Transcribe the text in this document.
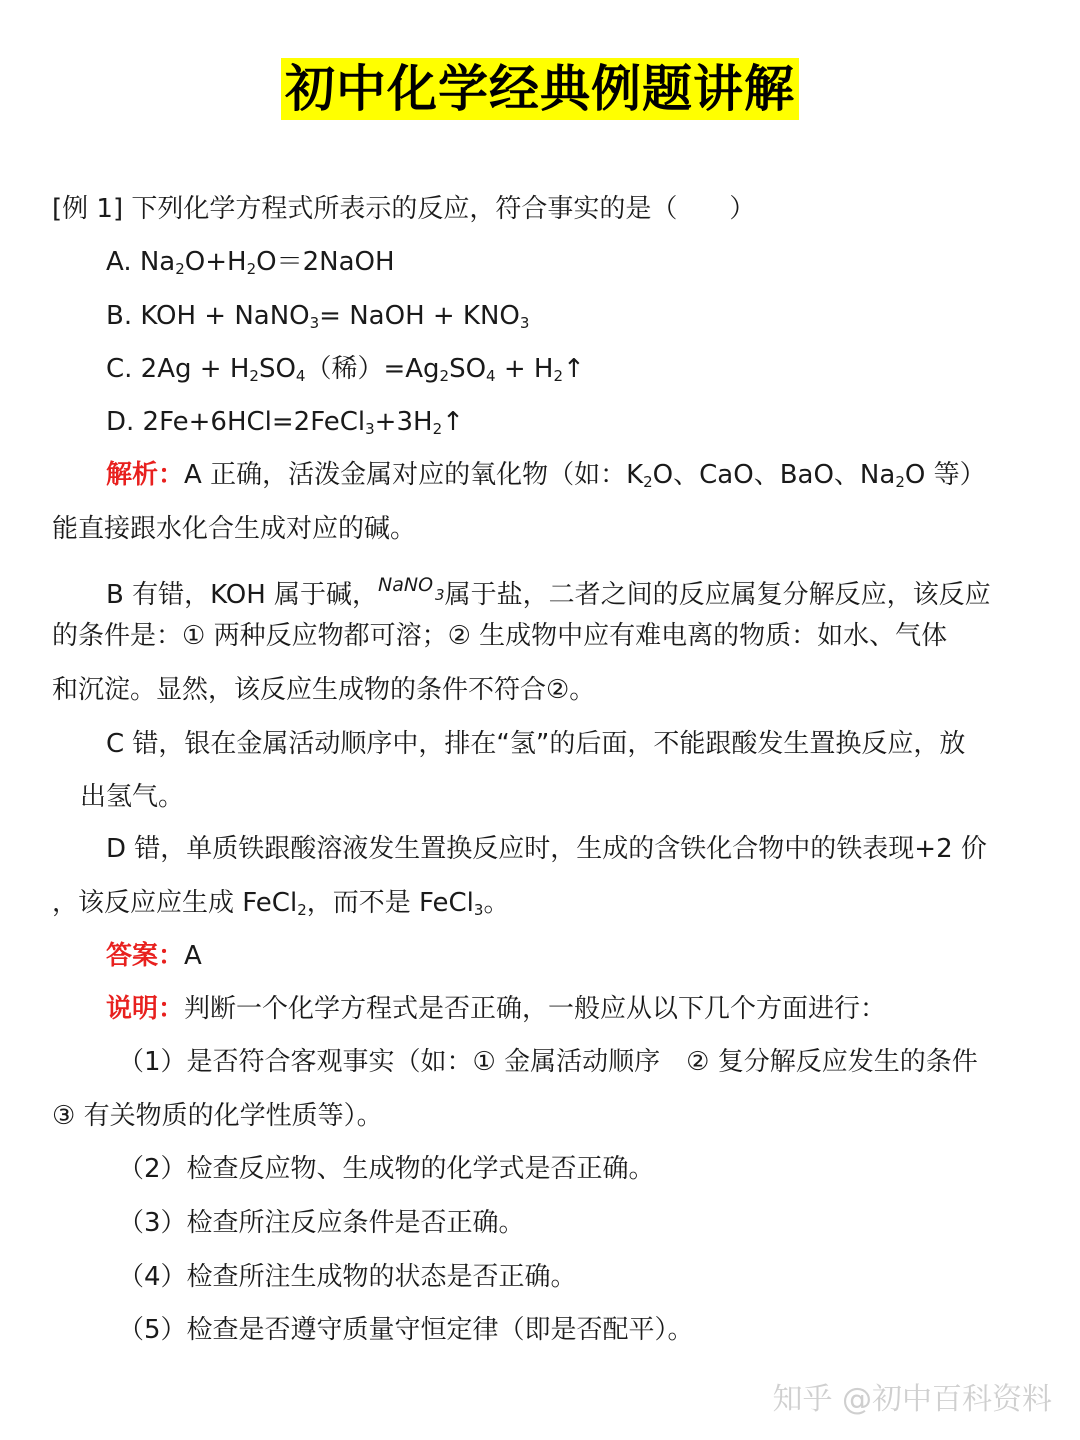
初中化学经典例题讲解
[例 1] 下列化学方程式所表示的反应，符合事实的是（　　）
A. $Na_2O+H_2O=2NaOH$
B. KOH + NaNO$_3$= NaOH + $KNO_3$
C. $2Ag + H_2SO_4$（稀）$=Ag_2SO_4$ + $H_2↑$
D. $2Fe+6HCl=2FeCl_3+3H_2↑$
解析：A 正确，活泼金属对应的氧化物（如：$K_2O$、CaO、BaO、$Na_2O$ 等）
能直接跟水化合生成对应的碱。
B 有错，KOH 属于碱，$^{NaNO}$ 3属于盐，二者之间的反应属复分解反应，该反应
的条件是：① 两种反应物都可溶；② 生成物中应有难电离的物质：如水、气体
和沉淀。显然，该反应生成物的条件不符合②。
C 错，银在金属活动顺序中，排在“氢”的后面，不能跟酸发生置换反应，放
出氢气。
D 错，单质铁跟酸溶液发生置换反应时，生成的含铁化合物中的铁表现+2 价
，该反应应生成 FeCl$_2$，而不是 FeCl$_3$。
答案：A
说明：判断一个化学方程式是否正确，一般应从以下几个方面进行：
（1）是否符合客观事实（如：① 金属活动顺序　② 复分解反应发生的条件
③ 有关物质的化学性质等）。
（2）检查反应物、生成物的化学式是否正确。
（3）检查所注反应条件是否正确。
（4）检查所注生成物的状态是否正确。
（5）检查是否遵守质量守恒定律（即是否配平）。
知乎 @初中百科资料
